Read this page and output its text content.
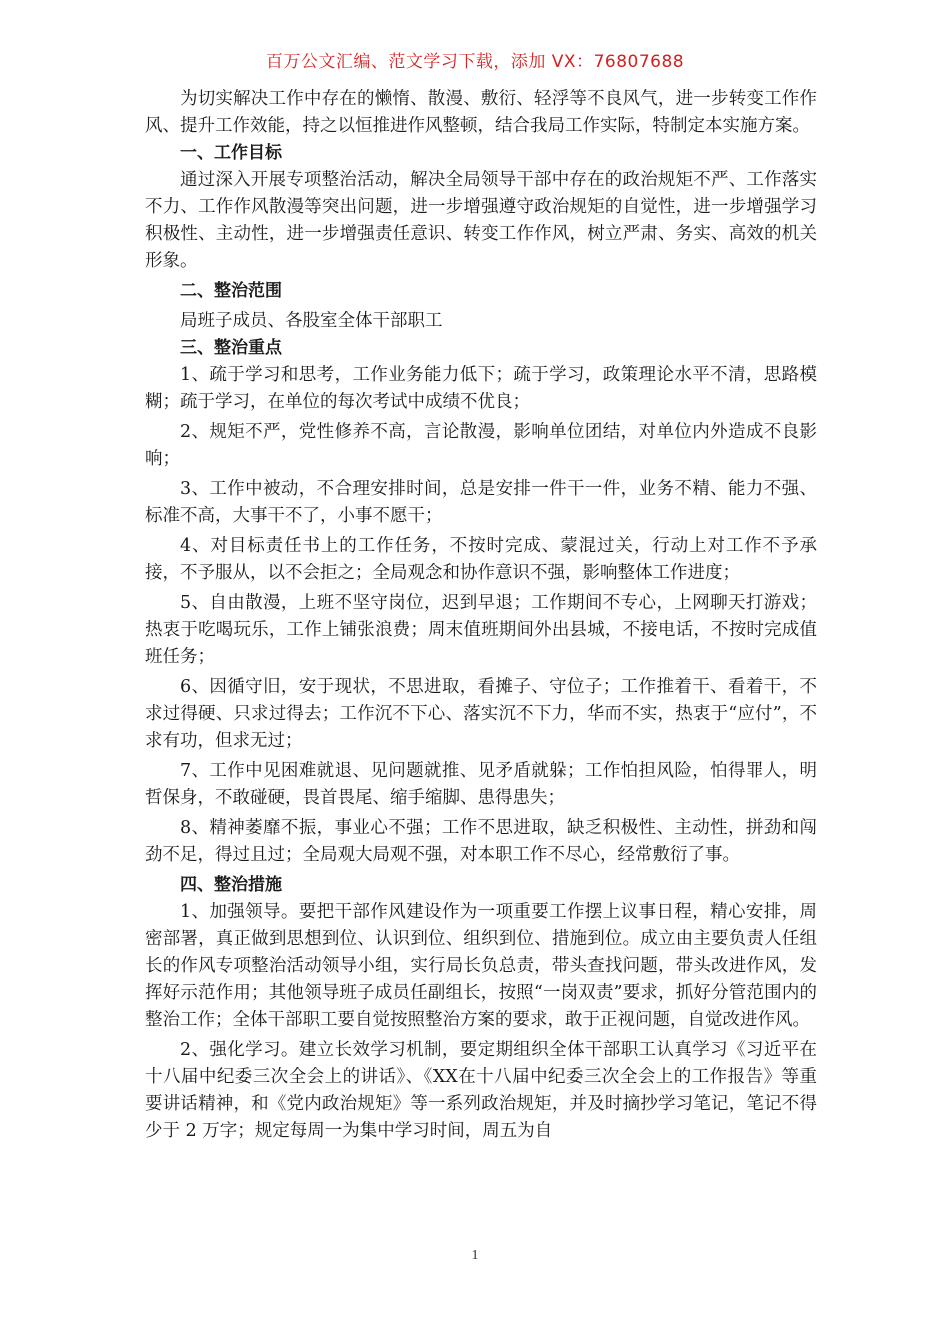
百万公文汇编、范文学习下载，添加 VX：76807688

为切实解决工作中存在的懒惰、散漫、敷衍、轻浮等不良风气，进一步转变工作作风、提升工作效能，持之以恒推进作风整顿，结合我局工作实际，特制定本实施方案。

一、工作目标

通过深入开展专项整治活动，解决全局领导干部中存在的政治规矩不严、工作落实不力、工作作风散漫等突出问题，进一步增强遵守政治规矩的自觉性，进一步增强学习积极性、主动性，进一步增强责任意识、转变工作作风，树立严肃、务实、高效的机关形象。

二、整治范围

局班子成员、各股室全体干部职工

三、整治重点

1、疏于学习和思考，工作业务能力低下；疏于学习，政策理论水平不清，思路模糊；疏于学习，在单位的每次考试中成绩不优良；

2、规矩不严，党性修养不高，言论散漫，影响单位团结，对单位内外造成不良影响；

3、工作中被动，不合理安排时间，总是安排一件干一件，业务不精、能力不强、标准不高，大事干不了，小事不愿干；

4、对目标责任书上的工作任务，不按时完成、蒙混过关，行动上对工作不予承接，不予服从，以不会拒之；全局观念和协作意识不强，影响整体工作进度；

5、自由散漫，上班不坚守岗位，迟到早退；工作期间不专心，上网聊天打游戏；热衷于吃喝玩乐，工作上铺张浪费；周末值班期间外出县城，不接电话，不按时完成值班任务；

6、因循守旧，安于现状，不思进取，看摊子、守位子；工作推着干、看着干，不求过得硬、只求过得去；工作沉不下心、落实沉不下力，华而不实，热衷于“应付”，不求有功，但求无过；

7、工作中见困难就退、见问题就推、见矛盾就躲；工作怕担风险，怕得罪人，明哲保身，不敢碰硬，畏首畏尾、缩手缩脚、患得患失；

8、精神萎靡不振，事业心不强；工作不思进取，缺乏积极性、主动性，拼劲和闯劲不足，得过且过；全局观大局观不强，对本职工作不尽心，经常敷衍了事。

四、整治措施

1、加强领导。要把干部作风建设作为一项重要工作摆上议事日程，精心安排，周密部署，真正做到思想到位、认识到位、组织到位、措施到位。成立由主要负责人任组长的作风专项整治活动领导小组，实行局长负总责，带头查找问题，带头改进作风，发挥好示范作用；其他领导班子成员任副组长，按照“一岗双责”要求，抓好分管范围内的整治工作；全体干部职工要自觉按照整治方案的要求，敢于正视问题，自觉改进作风。

2、强化学习。建立长效学习机制，要定期组织全体干部职工认真学习《习近平在十八届中纪委三次全会上的讲话》、《XX在十八届中纪委三次全会上的工作报告》等重要讲话精神，和《党内政治规矩》等一系列政治规矩，并及时摘抄学习笔记，笔记不得少于 2 万字；规定每周一为集中学习时间，周五为自

1
